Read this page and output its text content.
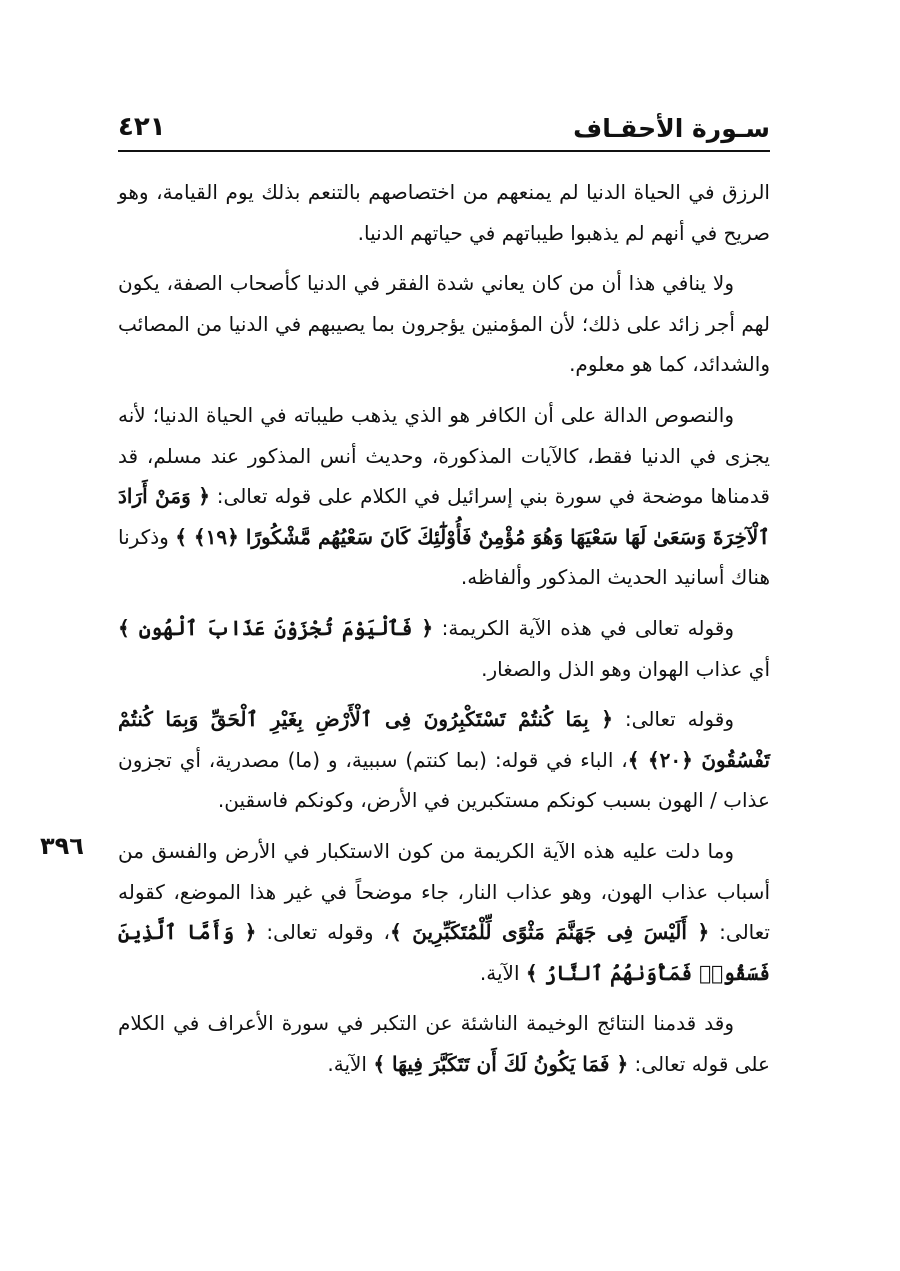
سـورة الأحقـاف
٤٢١
٣٩٦

الرزق في الحياة الدنيا لم يمنعهم من اختصاصهم بالتنعم بذلك يوم القيامة، وهو صريح في أنهم لم يذهبوا طيباتهم في حياتهم الدنيا.

ولا ينافي هذا أن من كان يعاني شدة الفقر في الدنيا كأصحاب الصفة، يكون لهم أجر زائد على ذلك؛ لأن المؤمنين يؤجرون بما يصيبهم في الدنيا من المصائب والشدائد، كما هو معلوم.

والنصوص الدالة على أن الكافر هو الذي يذهب طيباته في الحياة الدنيا؛ لأنه يجزى في الدنيا فقط، كالآيات المذكورة، وحديث أنس المذكور عند مسلم، قد قدمناها موضحة في سورة بني إسرائيل في الكلام على قوله تعالى: ﴿ وَمَنْ أَرَادَ ٱلْآخِرَةَ وَسَعَىٰ لَهَا سَعْيَهَا وَهُوَ مُؤْمِنٌ فَأُوْلَٰٓئِكَ كَانَ سَعْيُهُم مَّشْكُورًا ﴿١٩﴾ ﴾ وذكرنا هناك أسانيد الحديث المذكور وألفاظه.

وقوله تعالى في هذه الآية الكريمة: ﴿ فَٱلْيَوْمَ تُجْزَوْنَ عَذَابَ ٱلْهُونِ ﴾ أي عذاب الهوان وهو الذل والصغار.

وقوله تعالى: ﴿ بِمَا كُنتُمْ تَسْتَكْبِرُونَ فِى ٱلْأَرْضِ بِغَيْرِ ٱلْحَقِّ وَبِمَا كُنتُمْ تَفْسُقُونَ ﴿٢٠﴾ ﴾، الباء في قوله: (بما كنتم) سببية، و (ما) مصدرية، أي تجزون عذاب / الهون بسبب كونكم مستكبرين في الأرض، وكونكم فاسقين.

وما دلت عليه هذه الآية الكريمة من كون الاستكبار في الأرض والفسق من أسباب عذاب الهون، وهو عذاب النار، جاء موضحاً في غير هذا الموضع، كقوله تعالى: ﴿ أَلَيْسَ فِى جَهَنَّمَ مَثْوًى لِّلْمُتَكَبِّرِينَ ﴾، وقوله تعالى: ﴿ وَأَمَّا ٱلَّذِينَ فَسَقُوا۟ فَمَأْوَىٰهُمُ ٱلنَّارُ ﴾ الآية.

وقد قدمنا النتائج الوخيمة الناشئة عن التكبر في سورة الأعراف في الكلام على قوله تعالى: ﴿ فَمَا يَكُونُ لَكَ أَن تَتَكَبَّرَ فِيهَا ﴾ الآية.
